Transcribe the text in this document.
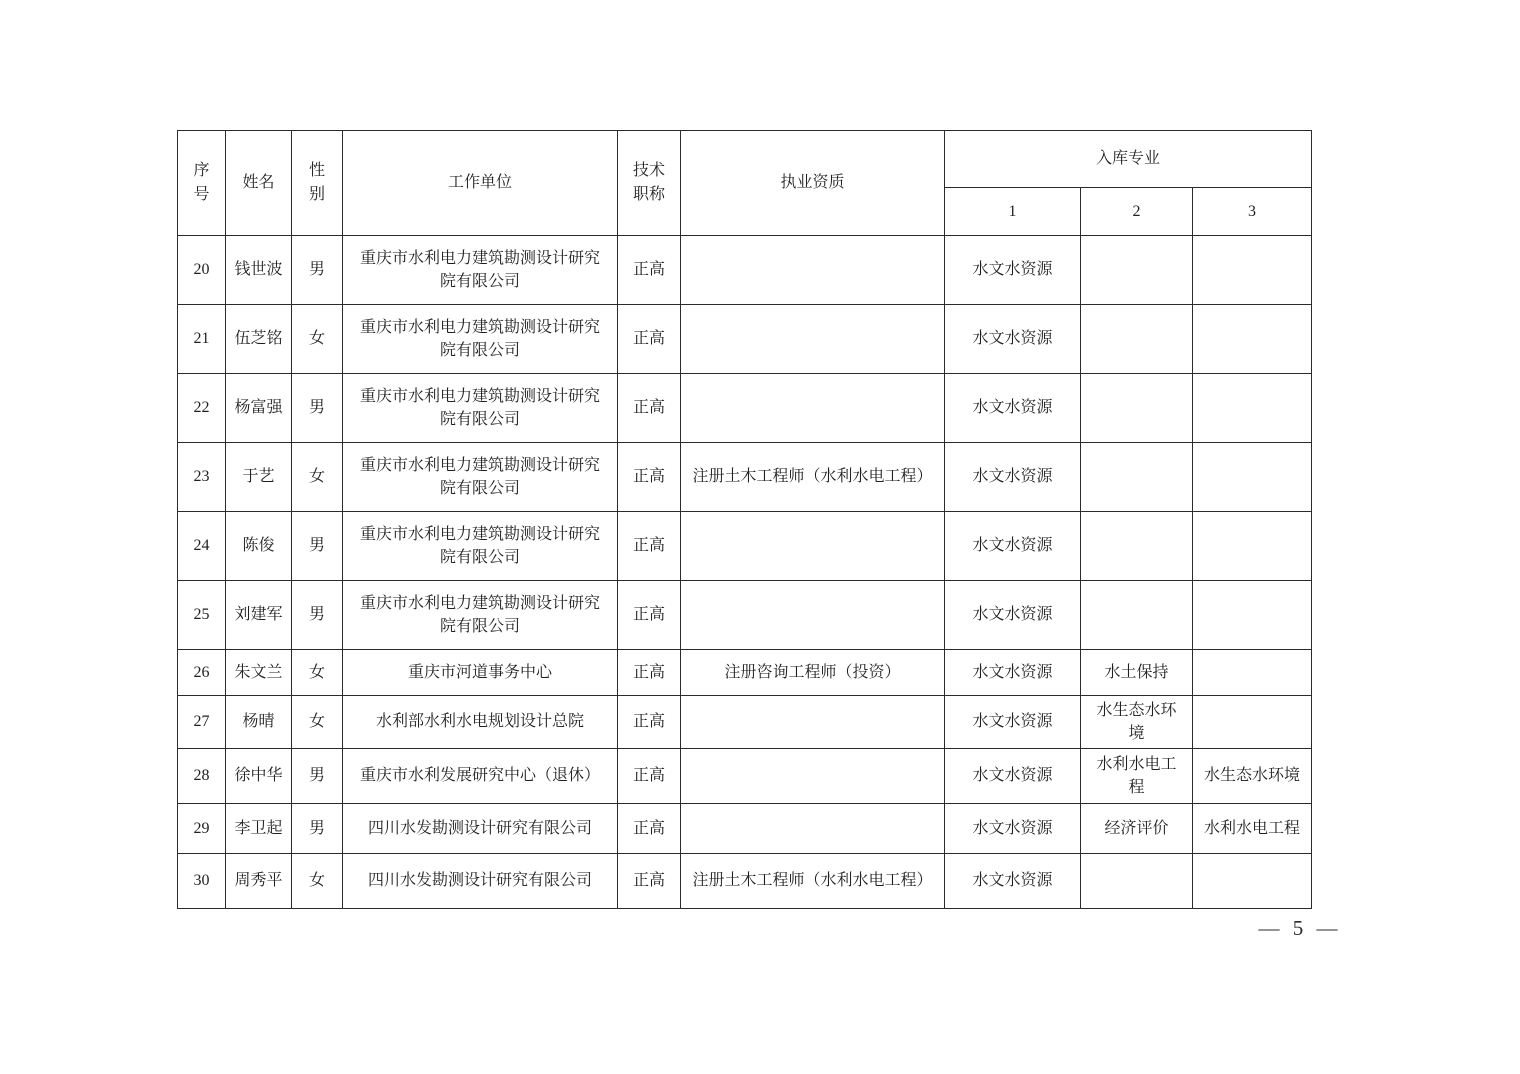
序号	姓名	性别	工作单位	技术职称	执业资质	入库专业		
						1	2	3
20	钱世波	男	重庆市水利电力建筑勘测设计研究院有限公司	正高		水文水资源		
21	伍芝铭	女	重庆市水利电力建筑勘测设计研究院有限公司	正高		水文水资源		
22	杨富强	男	重庆市水利电力建筑勘测设计研究院有限公司	正高		水文水资源		
23	于艺	女	重庆市水利电力建筑勘测设计研究院有限公司	正高	注册土木工程师（水利水电工程）	水文水资源		
24	陈俊	男	重庆市水利电力建筑勘测设计研究院有限公司	正高		水文水资源		
25	刘建军	男	重庆市水利电力建筑勘测设计研究院有限公司	正高		水文水资源		
26	朱文兰	女	重庆市河道事务中心	正高	注册咨询工程师（投资）	水文水资源	水土保持	
27	杨晴	女	水利部水利水电规划设计总院	正高		水文水资源	水生态水环境	
28	徐中华	男	重庆市水利发展研究中心（退休）	正高		水文水资源	水利水电工程	水生态水环境
29	李卫起	男	四川水发勘测设计研究有限公司	正高		水文水资源	经济评价	水利水电工程
30	周秀平	女	四川水发勘测设计研究有限公司	正高	注册土木工程师（水利水电工程）	水文水资源		
— 5 —
